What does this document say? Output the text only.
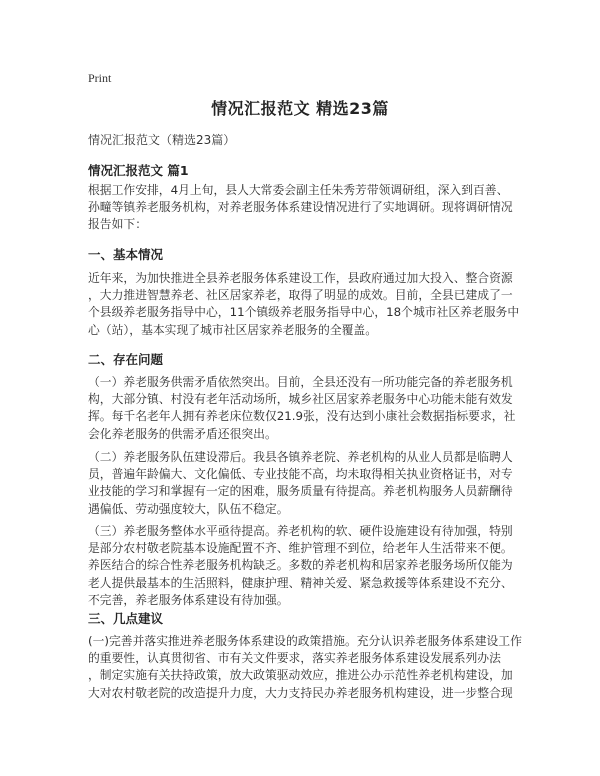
Print
情况汇报范文 精选23篇
情况汇报范文（精选23篇）
情况汇报范文 篇1
根据工作安排，4月上旬，县人大常委会副主任朱秀芳带领调研组，深入到百善、
孙疃等镇养老服务机构，对养老服务体系建设情况进行了实地调研。现将调研情况
报告如下：
一、基本情况
近年来，为加快推进全县养老服务体系建设工作，县政府通过加大投入、整合资源
，大力推进智慧养老、社区居家养老，取得了明显的成效。目前，全县已建成了一
个县级养老服务指导中心，11个镇级养老服务指导中心，18个城市社区养老服务中
心（站），基本实现了城市社区居家养老服务的全覆盖。
二、存在问题
（一）养老服务供需矛盾依然突出。目前，全县还没有一所功能完备的养老服务机
构，大部分镇、村没有老年活动场所，城乡社区居家养老服务中心功能未能有效发
挥。每千名老年人拥有养老床位数仅21.9张，没有达到小康社会数据指标要求，社
会化养老服务的供需矛盾还很突出。
（二）养老服务队伍建设滞后。我县各镇养老院、养老机构的从业人员都是临聘人
员，普遍年龄偏大、文化偏低、专业技能不高，均未取得相关执业资格证书，对专
业技能的学习和掌握有一定的困难，服务质量有待提高。养老机构服务人员薪酬待
遇偏低、劳动强度较大，队伍不稳定。
（三）养老服务整体水平亟待提高。养老机构的软、硬件设施建设有待加强，特别
是部分农村敬老院基本设施配置不齐、维护管理不到位，给老年人生活带来不便。
养医结合的综合性养老服务机构缺乏。多数的养老机构和居家养老服务场所仅能为
老人提供最基本的生活照料，健康护理、精神关爱、紧急救援等体系建设不充分、
不完善，养老服务体系建设有待加强。
三、几点建议
(一)完善并落实推进养老服务体系建设的政策措施。充分认识养老服务体系建设工作
的重要性，认真贯彻省、市有关文件要求，落实养老服务体系建设发展系列办法
，制定实施有关扶持政策，放大政策驱动效应，推进公办示范性养老机构建设，加
大对农村敬老院的改造提升力度，大力支持民办养老服务机构建设，进一步整合现
